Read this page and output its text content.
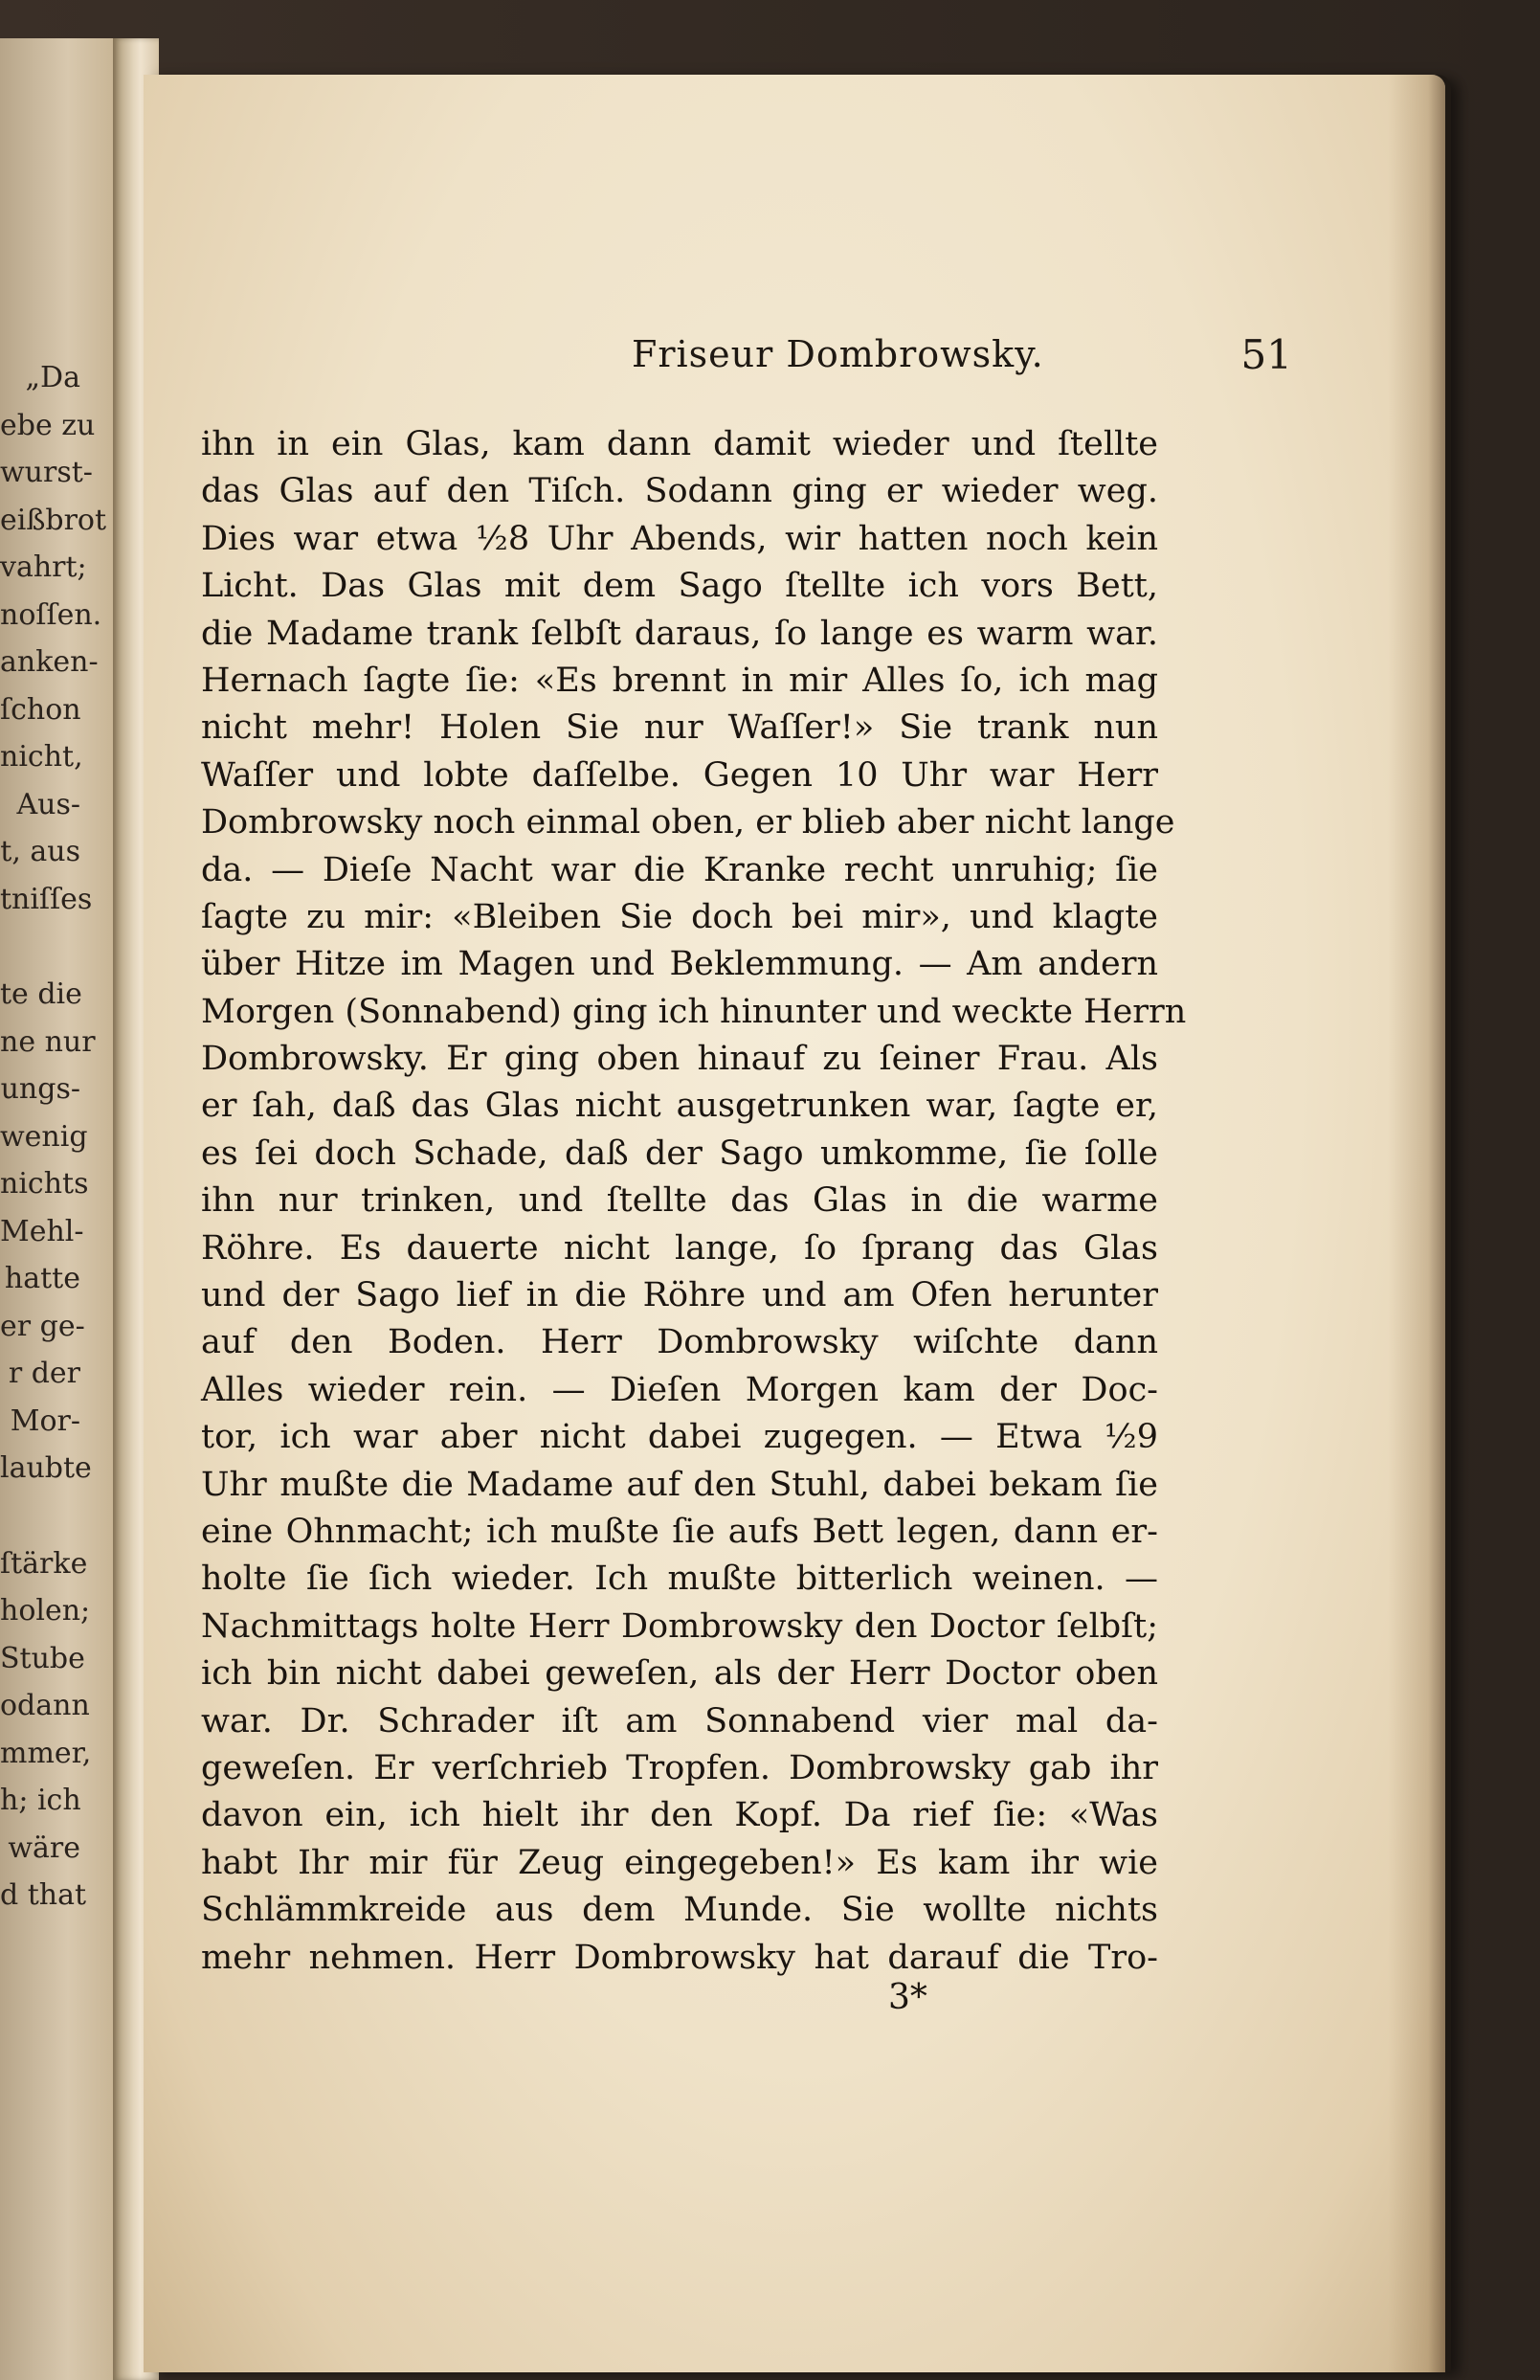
„Da
ebe zu
wurst-
eißbrot
vahrt;
noſſen.
anken-
ſchon
nicht,
Aus-
t, aus
tniſſes
te die
ne nur
ungs-
wenig
nichts
Mehl-
hatte
er ge-
r der
Mor-
laubte
ſtärke
holen;
Stube
odann
mmer,
h; ich
wäre
d that
Friseur Dombrowsky.	51
ihn in ein Glas, kam dann damit wieder und ſtellte
das Glas auf den Tiſch. Sodann ging er wieder weg.
Dies war etwa ½8 Uhr Abends, wir hatten noch kein
Licht. Das Glas mit dem Sago ſtellte ich vors Bett,
die Madame trank ſelbſt daraus, ſo lange es warm war.
Hernach ſagte ſie: «Es brennt in mir Alles ſo, ich mag
nicht mehr! Holen Sie nur Waſſer!» Sie trank nun
Waſſer und lobte daſſelbe. Gegen 10 Uhr war Herr
Dombrowsky noch einmal oben, er blieb aber nicht lange
da. — Dieſe Nacht war die Kranke recht unruhig; ſie
ſagte zu mir: «Bleiben Sie doch bei mir», und klagte
über Hitze im Magen und Beklemmung. — Am andern
Morgen (Sonnabend) ging ich hinunter und weckte Herrn
Dombrowsky. Er ging oben hinauf zu ſeiner Frau. Als
er ſah, daß das Glas nicht ausgetrunken war, ſagte er,
es ſei doch Schade, daß der Sago umkomme, ſie ſolle
ihn nur trinken, und ſtellte das Glas in die warme
Röhre. Es dauerte nicht lange, ſo ſprang das Glas
und der Sago lief in die Röhre und am Ofen herunter
auf den Boden. Herr Dombrowsky wiſchte dann
Alles wieder rein. — Dieſen Morgen kam der Doc-
tor, ich war aber nicht dabei zugegen. — Etwa ½9
Uhr mußte die Madame auf den Stuhl, dabei bekam ſie
eine Ohnmacht; ich mußte ſie aufs Bett legen, dann er-
holte ſie ſich wieder. Ich mußte bitterlich weinen. —
Nachmittags holte Herr Dombrowsky den Doctor ſelbſt;
ich bin nicht dabei geweſen, als der Herr Doctor oben
war. Dr. Schrader iſt am Sonnabend vier mal da-
geweſen. Er verſchrieb Tropfen. Dombrowsky gab ihr
davon ein, ich hielt ihr den Kopf. Da rief ſie: «Was
habt Ihr mir für Zeug eingegeben!» Es kam ihr wie
Schlämmkreide aus dem Munde. Sie wollte nichts
mehr nehmen. Herr Dombrowsky hat darauf die Tro-
3*
